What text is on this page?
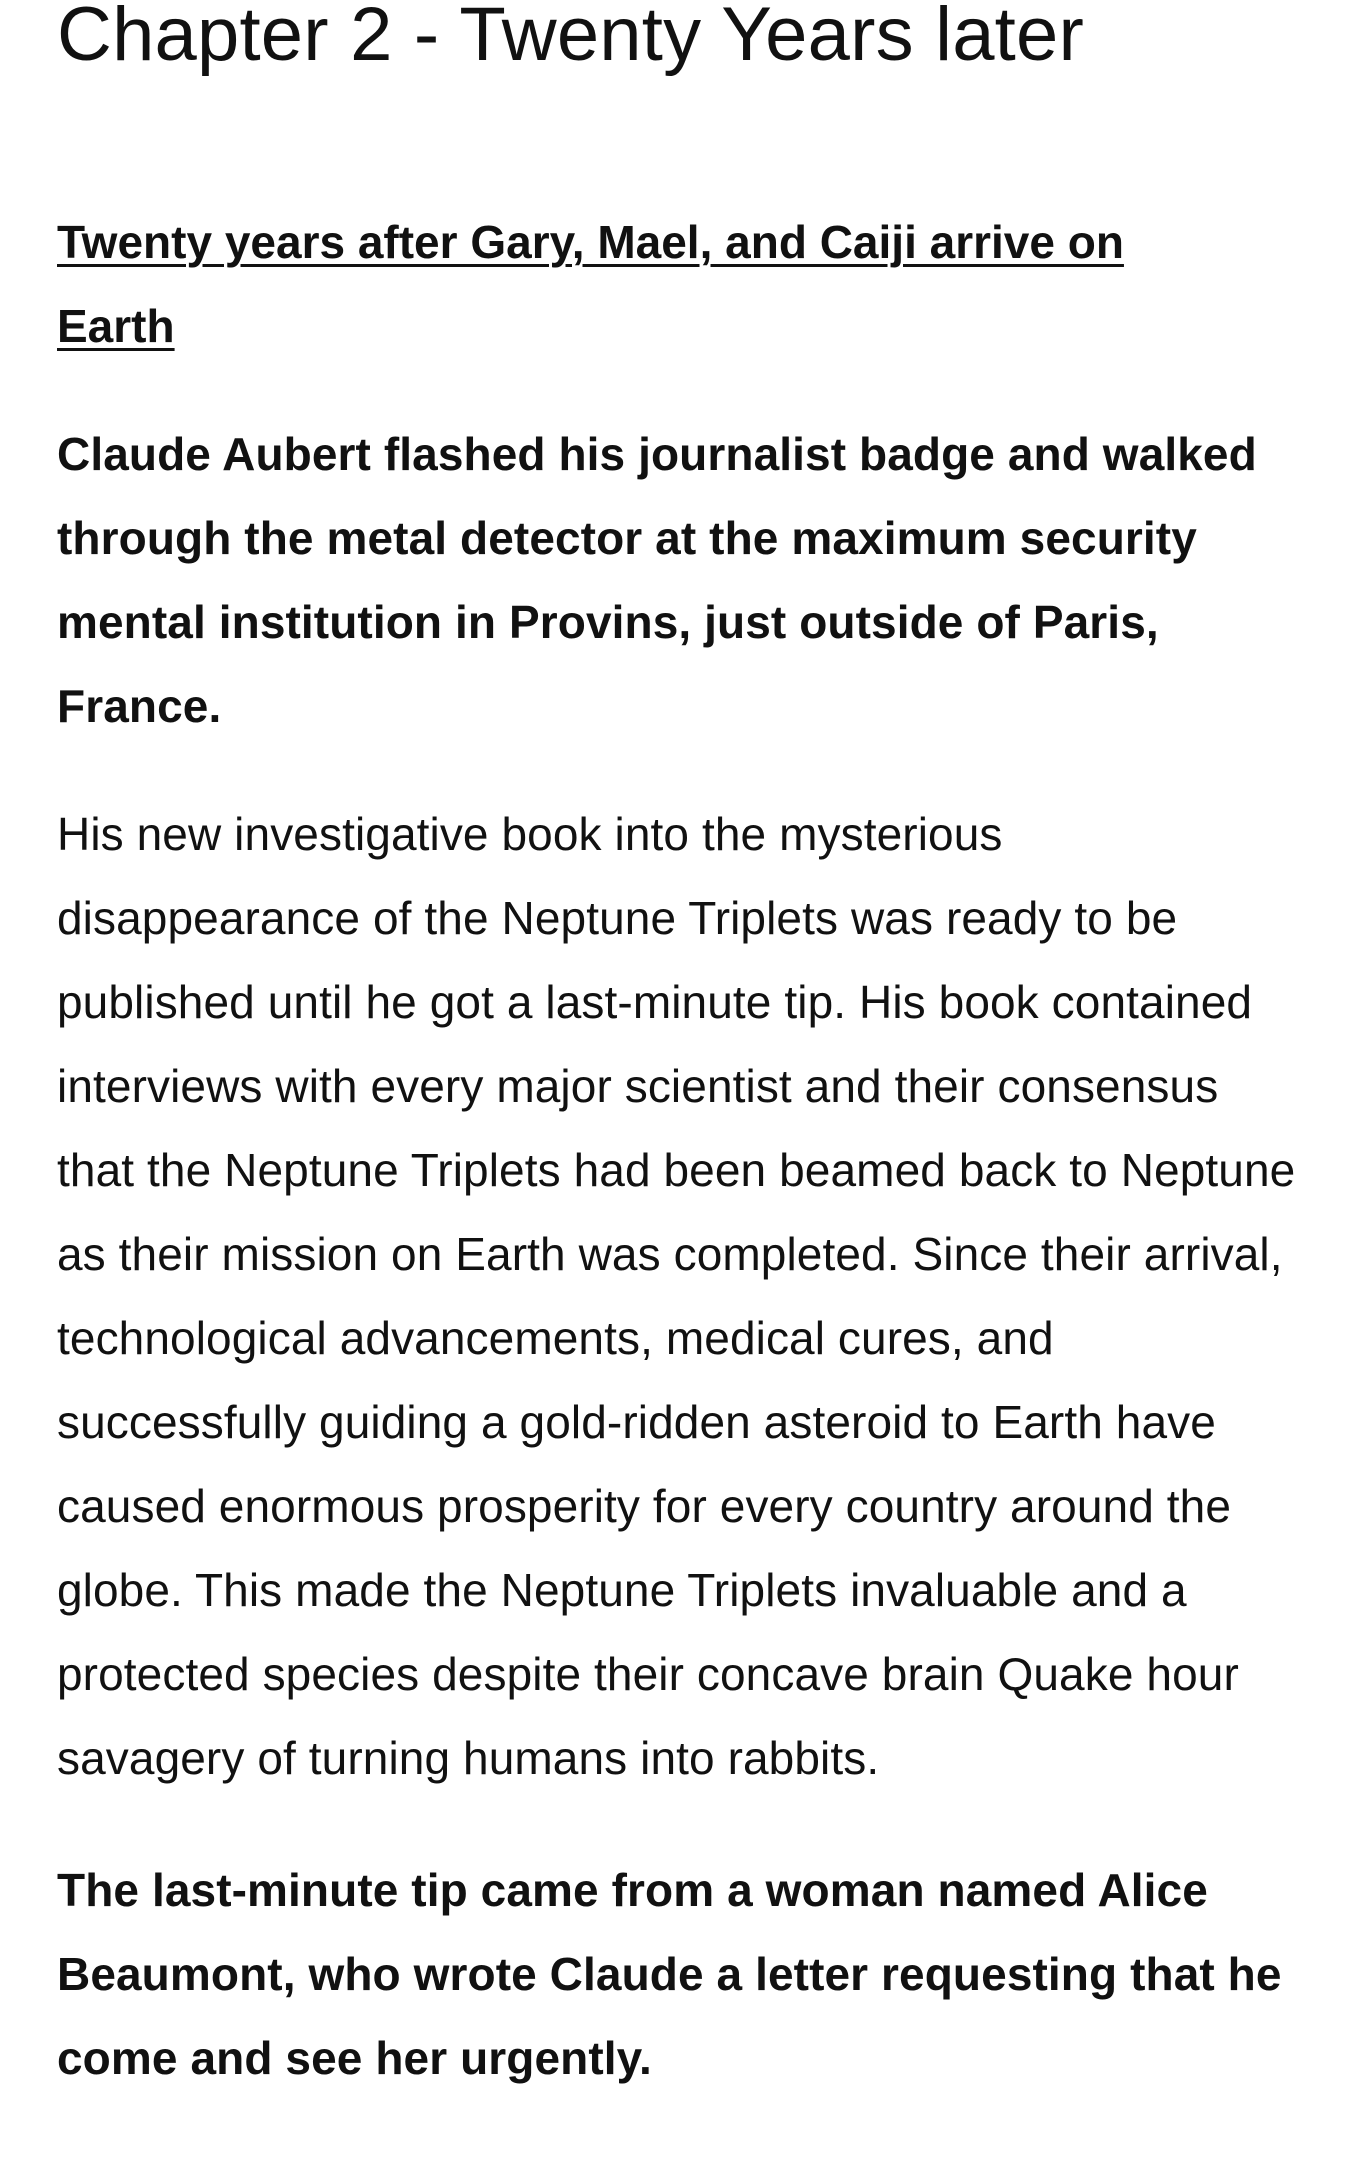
Chapter 2 - Twenty Years later
Twenty years after Gary, Mael, and Caiji arrive on Earth

Claude Aubert flashed his journalist badge and walked through the metal detector at the maximum security mental institution in Provins, just outside of Paris, France.

His new investigative book into the mysterious disappearance of the Neptune Triplets was ready to be published until he got a last-minute tip. His book contained interviews with every major scientist and their consensus that the Neptune Triplets had been beamed back to Neptune as their mission on Earth was completed. Since their arrival, technological advancements, medical cures, and successfully guiding a gold-ridden asteroid to Earth have caused enormous prosperity for every country around the globe. This made the Neptune Triplets invaluable and a protected species despite their concave brain Quake hour savagery of turning humans into rabbits.

The last-minute tip came from a woman named Alice Beaumont, who wrote Claude a letter requesting that he come and see her urgently.
